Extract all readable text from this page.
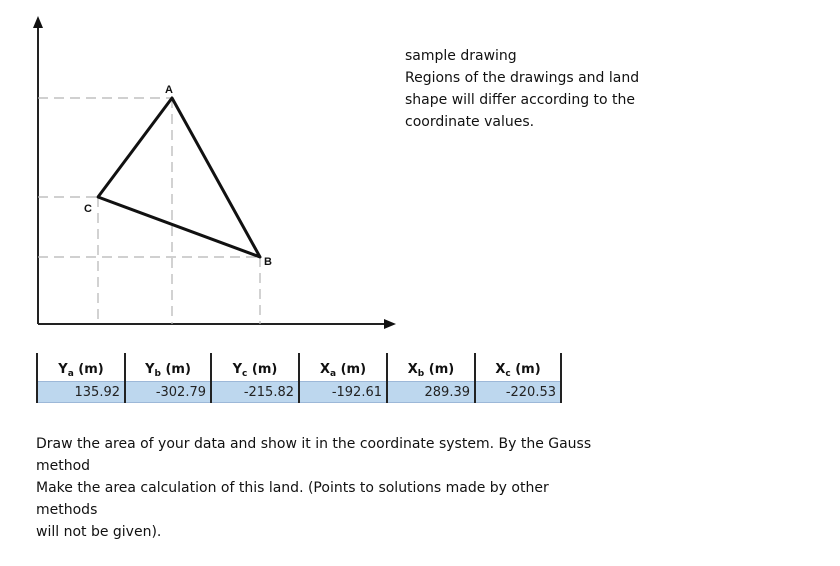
A
B
C
sample drawing
Regions of the drawings and land
shape will differ according to the
coordinate values.
$Y_a$ (m)	$Y_b$ (m)	$Y_c$ (m)	$X_a$ (m)	$X_b$ (m)	$X_c$ (m)
135.92	-302.79	-215.82	-192.61	289.39	-220.53
Draw the area of your data and show it in the coordinate system. By the Gauss
method
Make the area calculation of this land. (Points to solutions made by other
methods
will not be given).
